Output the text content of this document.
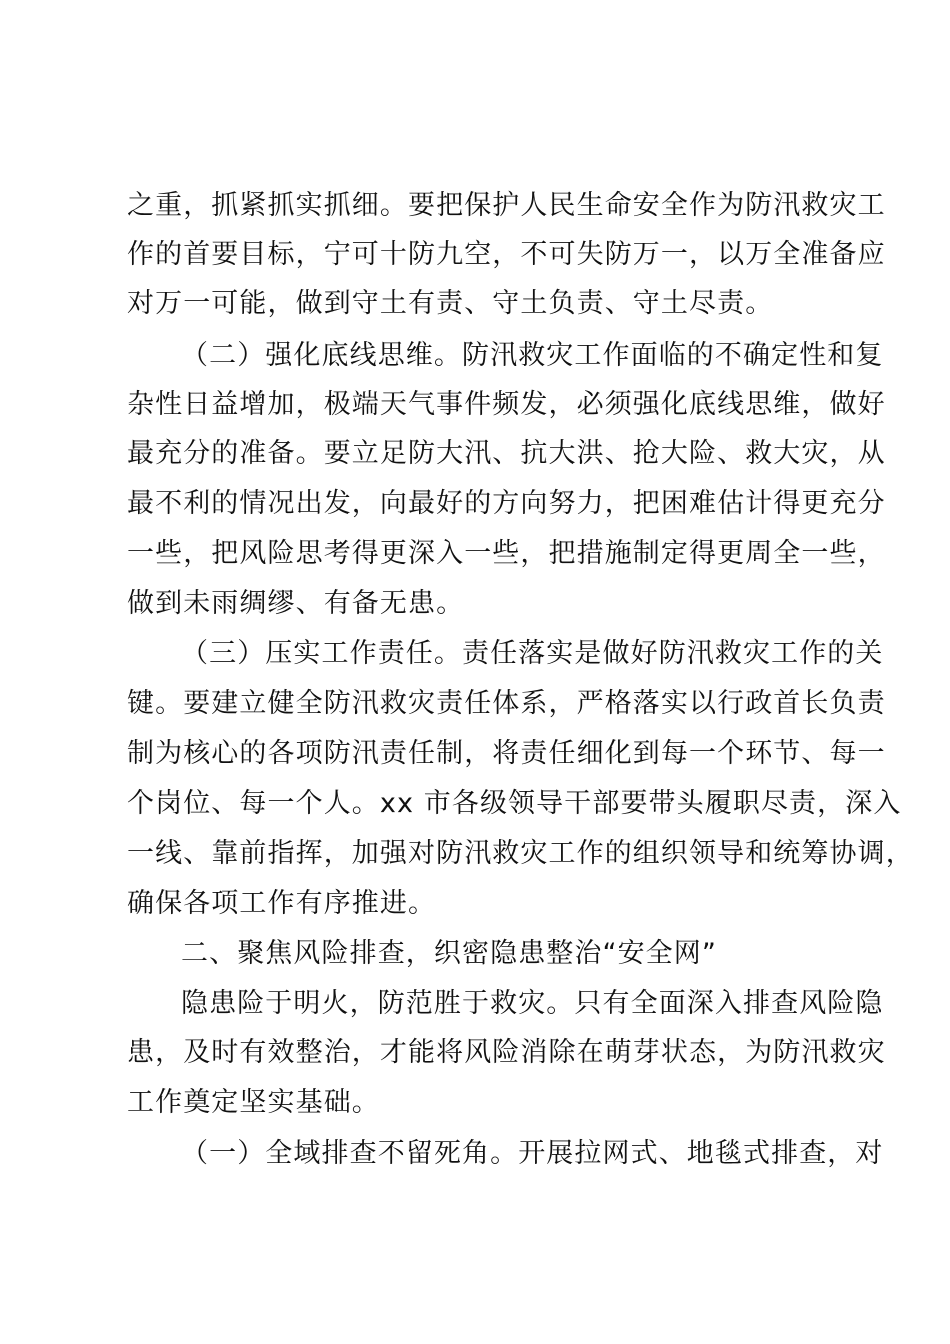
之重，抓紧抓实抓细。要把保护人民生命安全作为防汛救灾工
作的首要目标，宁可十防九空，不可失防万一，以万全准备应
对万一可能，做到守土有责、守土负责、守土尽责。
（二）强化底线思维。防汛救灾工作面临的不确定性和复
杂性日益增加，极端天气事件频发，必须强化底线思维，做好
最充分的准备。要立足防大汛、抗大洪、抢大险、救大灾，从
最不利的情况出发，向最好的方向努力，把困难估计得更充分
一些，把风险思考得更深入一些，把措施制定得更周全一些，
做到未雨绸缪、有备无患。
（三）压实工作责任。责任落实是做好防汛救灾工作的关
键。要建立健全防汛救灾责任体系，严格落实以行政首长负责
制为核心的各项防汛责任制，将责任细化到每一个环节、每一
个岗位、每一个人。xx 市各级领导干部要带头履职尽责，深入
一线、靠前指挥，加强对防汛救灾工作的组织领导和统筹协调，
确保各项工作有序推进。
二、聚焦风险排查，织密隐患整治“安全网”
隐患险于明火，防范胜于救灾。只有全面深入排查风险隐
患，及时有效整治，才能将风险消除在萌芽状态，为防汛救灾
工作奠定坚实基础。
（一）全域排查不留死角。开展拉网式、地毯式排查，对
